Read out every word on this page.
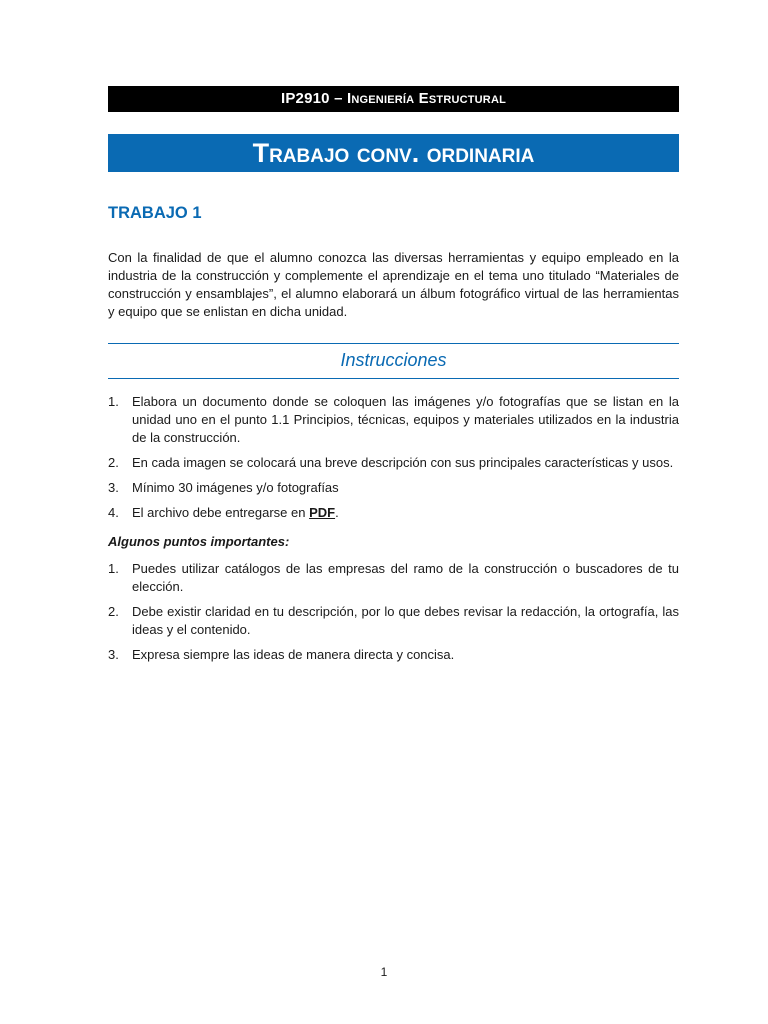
IP2910 – Ingeniería Estructural
Trabajo conv. ordinaria
TRABAJO 1

Con la finalidad de que el alumno conozca las diversas herramientas y equipo empleado en la industria de la construcción y complemente el aprendizaje en el tema uno titulado “Materiales de construcción y ensamblajes”, el alumno elaborará un álbum fotográfico virtual de las herramientas y equipo que se enlistan en dicha unidad.

Instrucciones
1. Elabora un documento donde se coloquen las imágenes y/o fotografías que se listan en la unidad uno en el punto 1.1 Principios, técnicas, equipos y materiales utilizados en la industria de la construcción.
2. En cada imagen se colocará una breve descripción con sus principales características y usos.
3. Mínimo 30 imágenes y/o fotografías
4. El archivo debe entregarse en PDF.
Algunos puntos importantes:
1. Puedes utilizar catálogos de las empresas del ramo de la construcción o buscadores de tu elección.
2. Debe existir claridad en tu descripción, por lo que debes revisar la redacción, la ortografía, las ideas y el contenido.
3. Expresa siempre las ideas de manera directa y concisa.
1
